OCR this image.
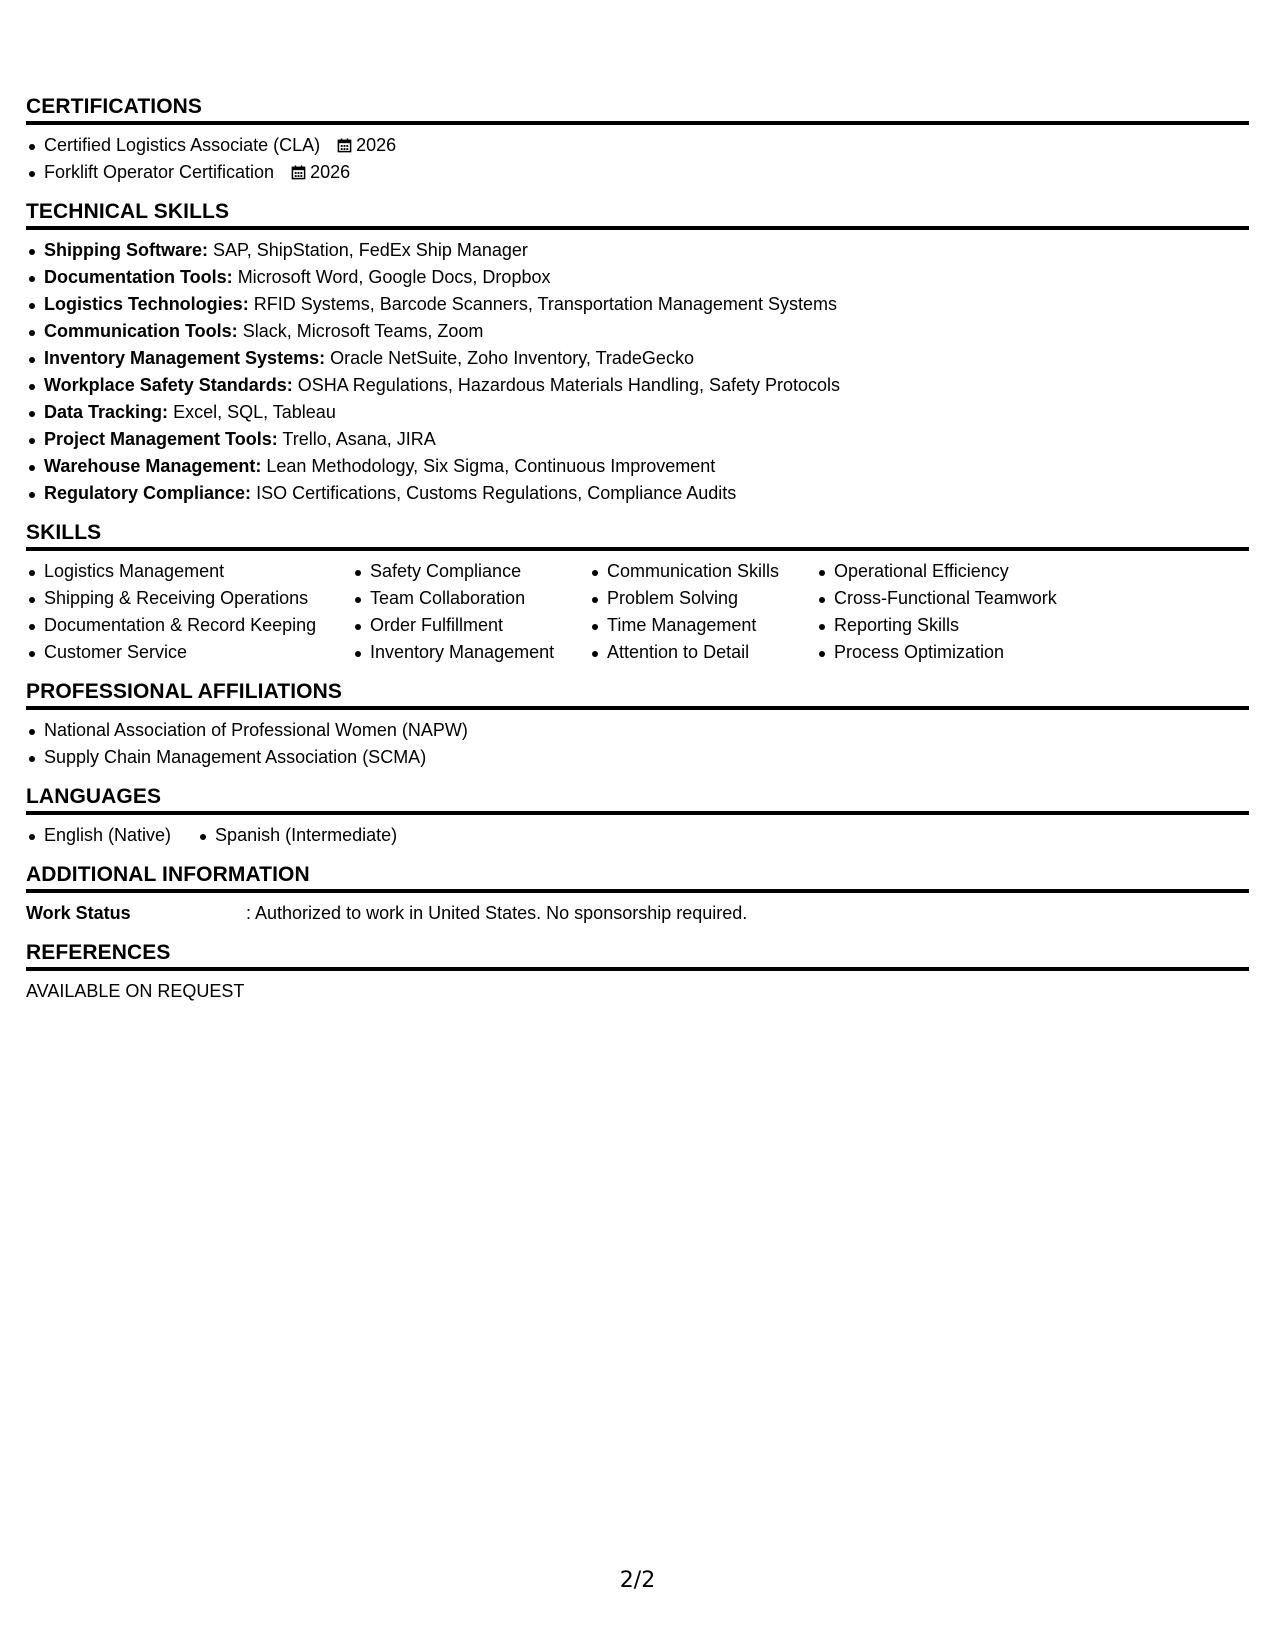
CERTIFICATIONS
Certified Logistics Associate (CLA) 2026
Forklift Operator Certification 2026
TECHNICAL SKILLS
Shipping Software: SAP, ShipStation, FedEx Ship Manager
Documentation Tools: Microsoft Word, Google Docs, Dropbox
Logistics Technologies: RFID Systems, Barcode Scanners, Transportation Management Systems
Communication Tools: Slack, Microsoft Teams, Zoom
Inventory Management Systems: Oracle NetSuite, Zoho Inventory, TradeGecko
Workplace Safety Standards: OSHA Regulations, Hazardous Materials Handling, Safety Protocols
Data Tracking: Excel, SQL, Tableau
Project Management Tools: Trello, Asana, JIRA
Warehouse Management: Lean Methodology, Six Sigma, Continuous Improvement
Regulatory Compliance: ISO Certifications, Customs Regulations, Compliance Audits
SKILLS
Logistics Management
Shipping & Receiving Operations
Documentation & Record Keeping
Customer Service
Safety Compliance
Team Collaboration
Order Fulfillment
Inventory Management
Communication Skills
Problem Solving
Time Management
Attention to Detail
Operational Efficiency
Cross-Functional Teamwork
Reporting Skills
Process Optimization
PROFESSIONAL AFFILIATIONS
National Association of Professional Women (NAPW)
Supply Chain Management Association (SCMA)
LANGUAGES
English (Native)	Spanish (Intermediate)
ADDITIONAL INFORMATION
Work Status	: Authorized to work in United States. No sponsorship required.
REFERENCES
AVAILABLE ON REQUEST
2/2
